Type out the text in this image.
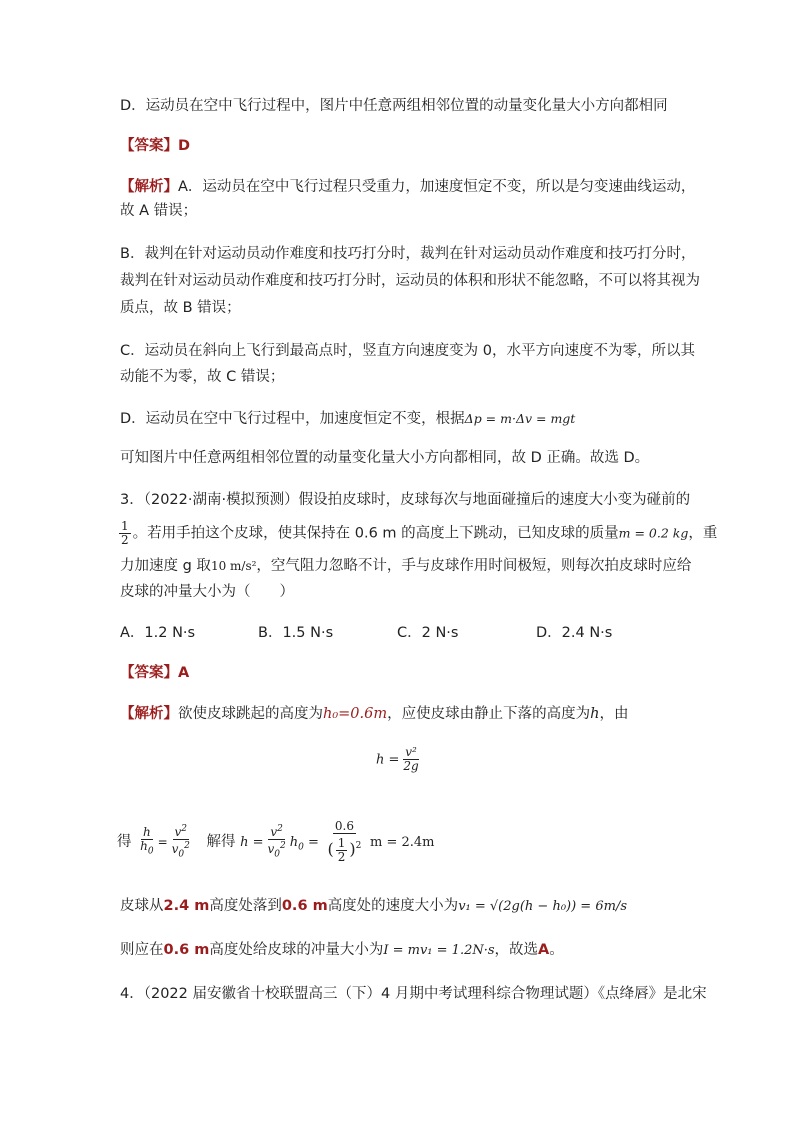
D．运动员在空中飞行过程中，图片中任意两组相邻位置的动量变化量大小方向都相同
【答案】D
【解析】A．运动员在空中飞行过程只受重力，加速度恒定不变，所以是匀变速曲线运动，
故 A 错误；
B．裁判在针对运动员动作难度和技巧打分时，裁判在针对运动员动作难度和技巧打分时，
裁判在针对运动员动作难度和技巧打分时，运动员的体积和形状不能忽略，不可以将其视为
质点，故 B 错误；
C．运动员在斜向上飞行到最高点时，竖直方向速度变为 0，水平方向速度不为零，所以其
动能不为零，故 C 错误；
D．运动员在空中飞行过程中，加速度恒定不变，根据Δp = m·Δv = mgt
可知图片中任意两组相邻位置的动量变化量大小方向都相同，故 D 正确。故选 D。
3．（2022·湖南·模拟预测）假设拍皮球时，皮球每次与地面碰撞后的速度大小变为碰前的
$\frac{1}{2}$ 。若用手拍这个皮球，使其保持在 0.6 m 的高度上下跳动，已知皮球的质量m = 0.2 kg，重
力加速度 g 取10 m/s²，空气阻力忽略不计，手与皮球作用时间极短，则每次拍皮球时应给
皮球的冲量大小为（　　）
A．1.2 N·s	B．1.5 N·s	C．2 N·s	D．2.4 N·s
【答案】A
【解析】欲使皮球跳起的高度为h₀=0.6m，应使皮球由静止下落的高度为h，由
$h = \frac{\text{v²}}{2g}$
得 $\frac{h}{h_0} = \frac{v^2}{v_0^2}$ 解得 $h = \frac{v^2}{v_0^2} h_0 = \frac{0.6}{( \frac{1}{2} )^2}$ m = 2.4m
皮球从2.4 m高度处落到0.6 m高度处的速度大小为v₁ = √(2g(h − h₀)) = 6m/s
则应在0.6 m高度处给皮球的冲量大小为I = mv₁ = 1.2N·s，故选A。
4．（2022 届安徽省十校联盟高三（下）4 月期中考试理科综合物理试题）《点绛唇》是北宋
